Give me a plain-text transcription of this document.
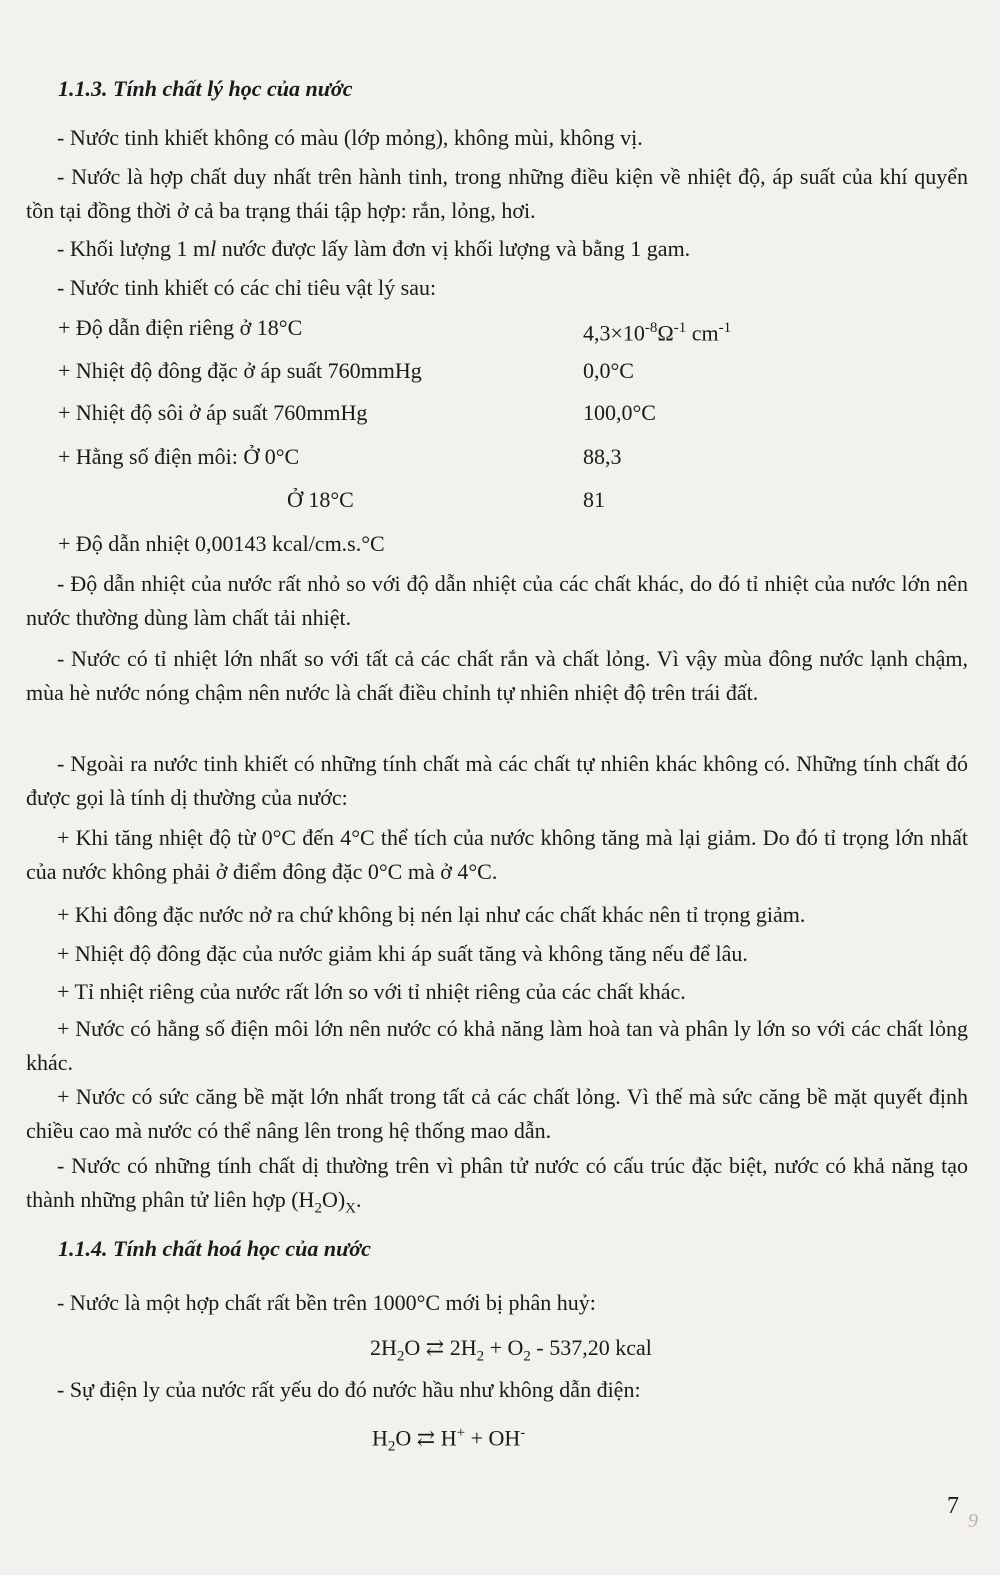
1.1.3. Tính chất lý học của nước
- Nước tinh khiết không có màu (lớp mỏng), không mùi, không vị.
- Nước là hợp chất duy nhất trên hành tinh, trong những điều kiện về nhiệt độ, áp suất của khí quyển tồn tại đồng thời ở cả ba trạng thái tập hợp: rắn, lỏng, hơi.
- Khối lượng 1 ml nước được lấy làm đơn vị khối lượng và bằng 1 gam.
- Nước tinh khiết có các chỉ tiêu vật lý sau:
+ Độ dẫn điện riêng ở 18°C	$4,3\times 10^{-8}\Omega^{-1}$ $cm^{-1}$
+ Nhiệt độ đông đặc ở áp suất 760mmHg	0,0°C
+ Nhiệt độ sôi ở áp suất 760mmHg	100,0°C
+ Hằng số điện môi: Ở 0°C	88,3
Ở 18°C	81
+ Độ dẫn nhiệt 0,00143 kcal/cm.s.°C
- Độ dẫn nhiệt của nước rất nhỏ so với độ dẫn nhiệt của các chất khác, do đó tỉ nhiệt của nước lớn nên nước thường dùng làm chất tải nhiệt.
- Nước có tỉ nhiệt lớn nhất so với tất cả các chất rắn và chất lỏng. Vì vậy mùa đông nước lạnh chậm, mùa hè nước nóng chậm nên nước là chất điều chỉnh tự nhiên nhiệt độ trên trái đất.
- Ngoài ra nước tinh khiết có những tính chất mà các chất tự nhiên khác không có. Những tính chất đó được gọi là tính dị thường của nước:
+ Khi tăng nhiệt độ từ 0°C đến 4°C thể tích của nước không tăng mà lại giảm. Do đó tỉ trọng lớn nhất của nước không phải ở điểm đông đặc 0°C mà ở 4°C.
+ Khi đông đặc nước nở ra chứ không bị nén lại như các chất khác nên tỉ trọng giảm.
+ Nhiệt độ đông đặc của nước giảm khi áp suất tăng và không tăng nếu để lâu.
+ Tỉ nhiệt riêng của nước rất lớn so với tỉ nhiệt riêng của các chất khác.
+ Nước có hằng số điện môi lớn nên nước có khả năng làm hoà tan và phân ly lớn so với các chất lỏng khác.
+ Nước có sức căng bề mặt lớn nhất trong tất cả các chất lỏng. Vì thế mà sức căng bề mặt quyết định chiều cao mà nước có thể nâng lên trong hệ thống mao dẫn.
- Nước có những tính chất dị thường trên vì phân tử nước có cấu trúc đặc biệt, nước có khả năng tạo thành những phân tử liên hợp $(H_2O)_X$.
1.1.4. Tính chất hoá học của nước
- Nước là một hợp chất rất bền trên 1000°C mới bị phân huỷ:
$2H_2O$ ⇄ $2H_2 + O_2 - 537,20$ kcal
- Sự điện ly của nước rất yếu do đó nước hầu như không dẫn điện:
$H_2O$ ⇄ H+ + OH-
7
9
